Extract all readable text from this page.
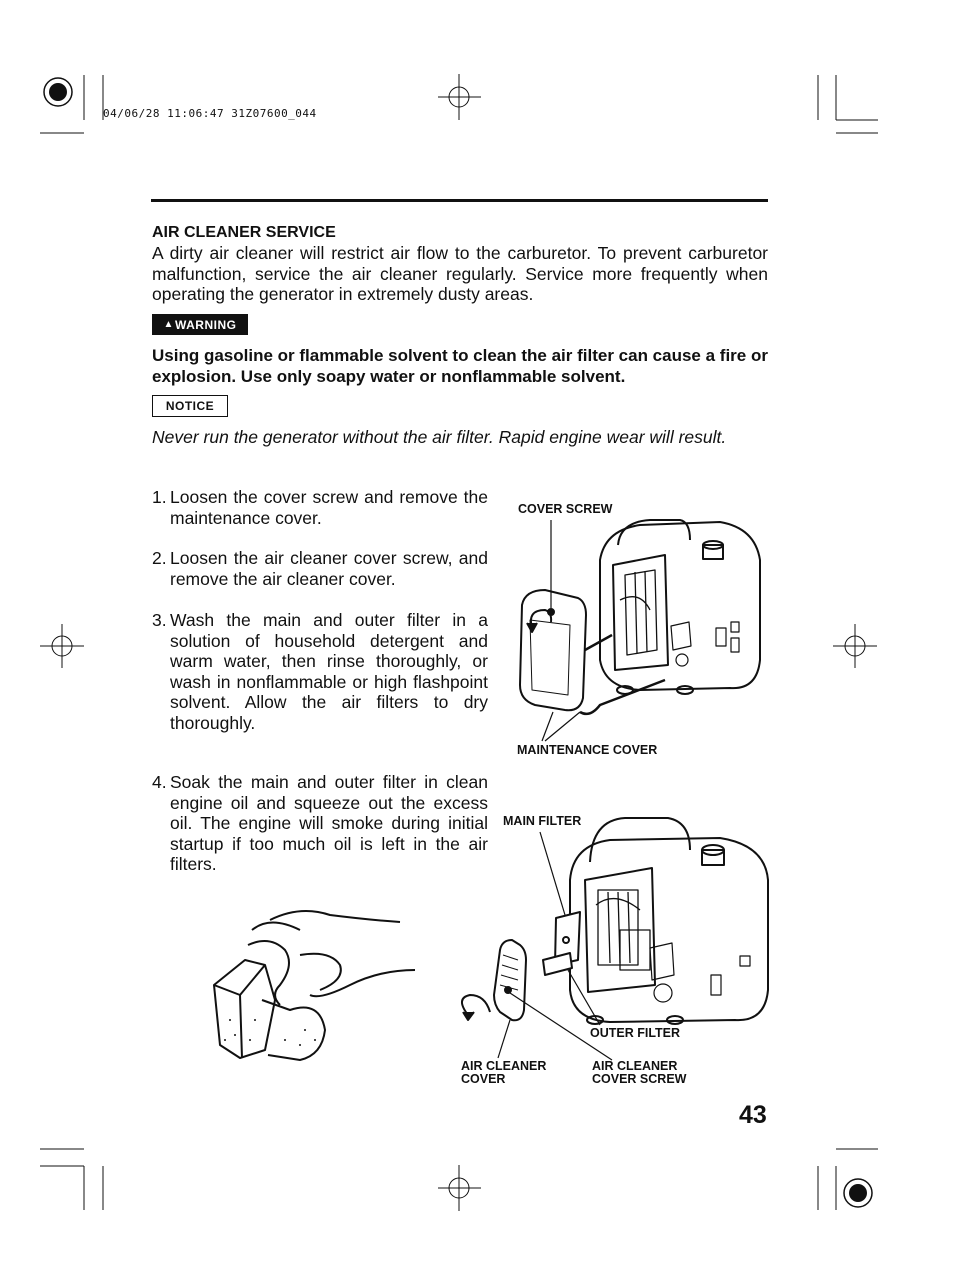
04/06/28 11:06:47 31Z07600_044
AIR CLEANER SERVICE
A dirty air cleaner will restrict air flow to the carburetor. To prevent carburetor malfunction, service the air cleaner regularly. Service more frequently when operating the generator in extremely dusty areas.
▲ WARNING
Using gasoline or flammable solvent to clean the air filter can cause a fire or explosion. Use only soapy water or nonflammable solvent.
NOTICE
Never run the generator without the air filter. Rapid engine wear will result.
1. Loosen the cover screw and remove the maintenance cover.
2. Loosen the air cleaner cover screw, and remove the air cleaner cover.
3. Wash the main and outer filter in a solution of household detergent and warm water, then rinse thoroughly, or wash in nonflammable or high flashpoint solvent. Allow the air filters to dry thoroughly.
4. Soak the main and outer filter in clean engine oil and squeeze out the excess oil. The engine will smoke during initial startup if too much oil is left in the air filters.
COVER SCREW
MAINTENANCE COVER
MAIN FILTER
OUTER FILTER
AIR CLEANER
COVER
AIR CLEANER
COVER SCREW
43
